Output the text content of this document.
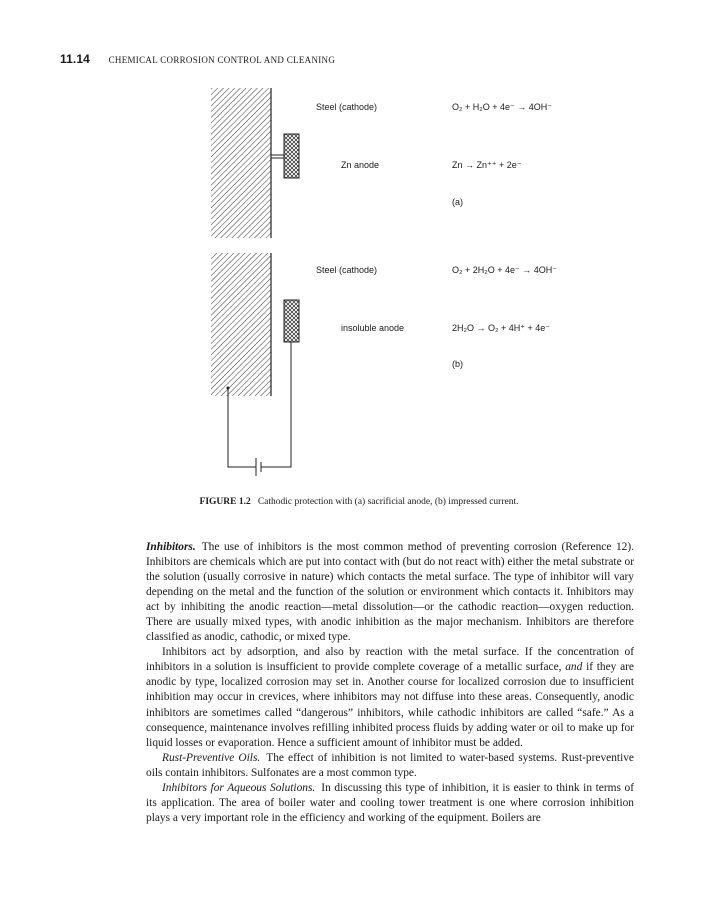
11.14 CHEMICAL CORROSION CONTROL AND CLEANING
Steel (cathode)	O₂ + H₂O + 4e⁻ → 4OH⁻
Zn anode	Zn → Zn⁺⁺ + 2e⁻
(a)
Steel (cathode)	O₂ + 2H₂O + 4e⁻ → 4OH⁻
insoluble anode	2H₂O → O₂ + 4H⁺ + 4e⁻
(b)
FIGURE 1.2 Cathodic protection with (a) sacrificial anode, (b) impressed current.

Inhibitors. The use of inhibitors is the most common method of preventing corrosion (Reference 12). Inhibitors are chemicals which are put into contact with (but do not react with) either the metal substrate or the solution (usually corrosive in nature) which contacts the metal surface. The type of inhibitor will vary depending on the metal and the function of the solution or environment which contacts it. Inhibitors may act by inhibiting the anodic reaction—metal dissolution—or the cathodic reaction—oxygen reduction. There are usually mixed types, with anodic inhibition as the major mechanism. Inhibitors are therefore classified as anodic, cathodic, or mixed type.

Inhibitors act by adsorption, and also by reaction with the metal surface. If the concentration of inhibitors in a solution is insufficient to provide complete coverage of a metallic surface, and if they are anodic by type, localized corrosion may set in. Another course for localized corrosion due to insufficient inhibition may occur in crevices, where inhibitors may not diffuse into these areas. Consequently, anodic inhibitors are sometimes called “dangerous” inhibitors, while cathodic inhibitors are called “safe.” As a consequence, maintenance involves refilling inhibited process fluids by adding water or oil to make up for liquid losses or evaporation. Hence a sufficient amount of inhibitor must be added.

Rust-Preventive Oils. The effect of inhibition is not limited to water-based systems. Rust-preventive oils contain inhibitors. Sulfonates are a most common type.

Inhibitors for Aqueous Solutions. In discussing this type of inhibition, it is easier to think in terms of its application. The area of boiler water and cooling tower treatment is one where corrosion inhibition plays a very important role in the efficiency and working of the equipment. Boilers are
